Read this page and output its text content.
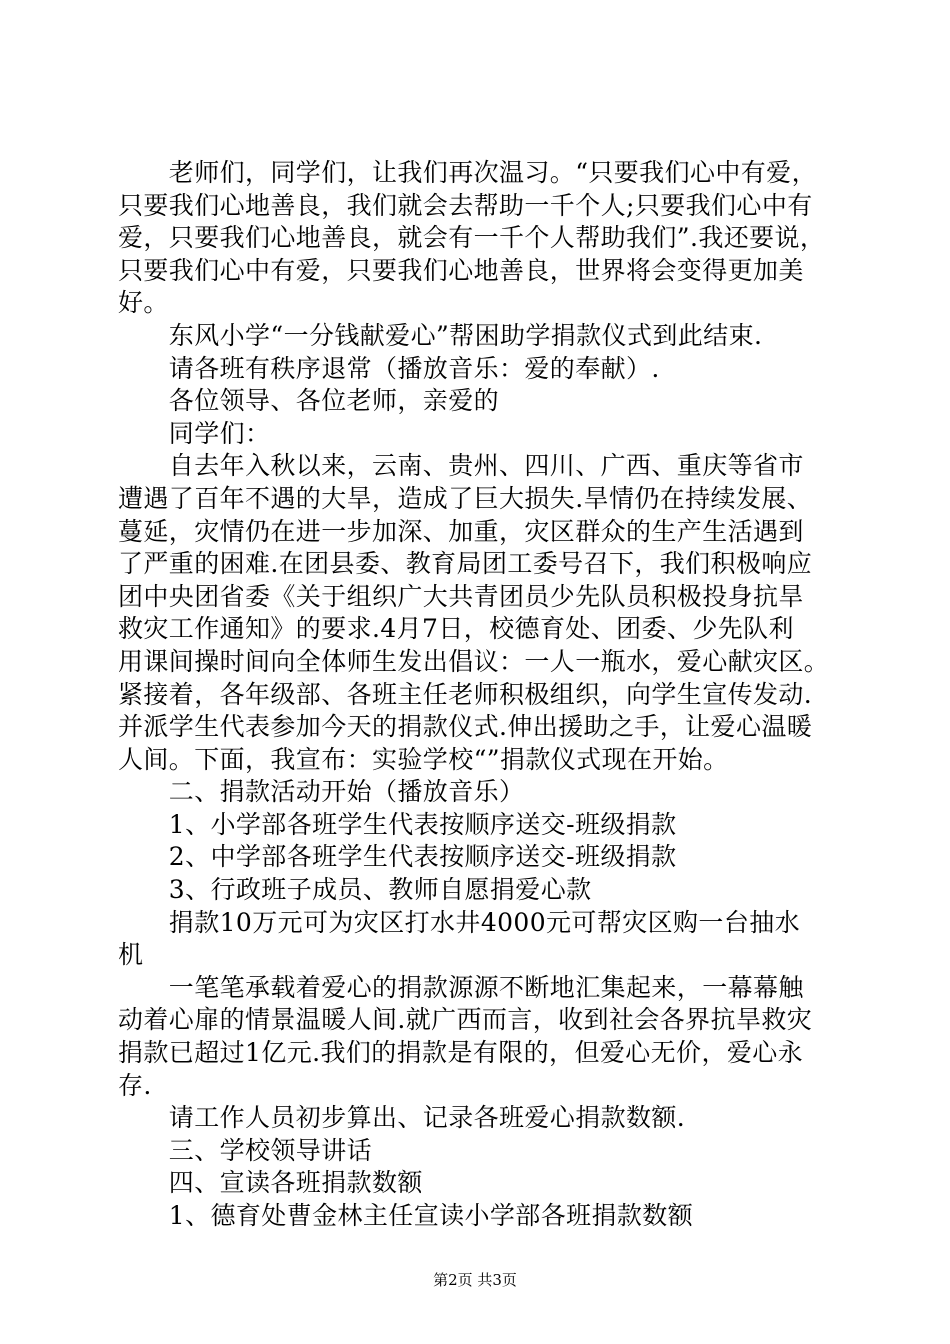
　　老师们，同学们，让我们再次温习。“只要我们心中有爱，

只要我们心地善良，我们就会去帮助一千个人;只要我们心中有

爱，只要我们心地善良，就会有一千个人帮助我们”.我还要说，

只要我们心中有爱，只要我们心地善良，世界将会变得更加美

好。

　　东风小学“一分钱献爱心”帮困助学捐款仪式到此结束.

　　请各班有秩序退常（播放音乐：爱的奉献）.

　　各位领导、各位老师，亲爱的

　　同学们：

　　自去年入秋以来，云南、贵州、四川、广西、重庆等省市

遭遇了百年不遇的大旱，造成了巨大损失.旱情仍在持续发展、

蔓延，灾情仍在进一步加深、加重，灾区群众的生产生活遇到

了严重的困难.在团县委、教育局团工委号召下，我们积极响应

团中央团省委《关于组织广大共青团员少先队员积极投身抗旱

救灾工作通知》的要求.4月7日，校德育处、团委、少先队利

用课间操时间向全体师生发出倡议：一人一瓶水，爱心献灾区。

紧接着，各年级部、各班主任老师积极组织，向学生宣传发动.

并派学生代表参加今天的捐款仪式.伸出援助之手，让爱心温暖

人间。下面，我宣布：实验学校“”捐款仪式现在开始。

　　二、捐款活动开始（播放音乐）

　　1、小学部各班学生代表按顺序送交-班级捐款

　　2、中学部各班学生代表按顺序送交-班级捐款

　　3、行政班子成员、教师自愿捐爱心款

　　捐款10万元可为灾区打水井4000元可帮灾区购一台抽水

机

　　一笔笔承载着爱心的捐款源源不断地汇集起来，一幕幕触

动着心扉的情景温暖人间.就广西而言，收到社会各界抗旱救灾

捐款已超过1亿元.我们的捐款是有限的，但爱心无价，爱心永

存.

　　请工作人员初步算出、记录各班爱心捐款数额.

　　三、学校领导讲话

　　四、宣读各班捐款数额

　　1、德育处曹金林主任宣读小学部各班捐款数额

第2页 共3页
